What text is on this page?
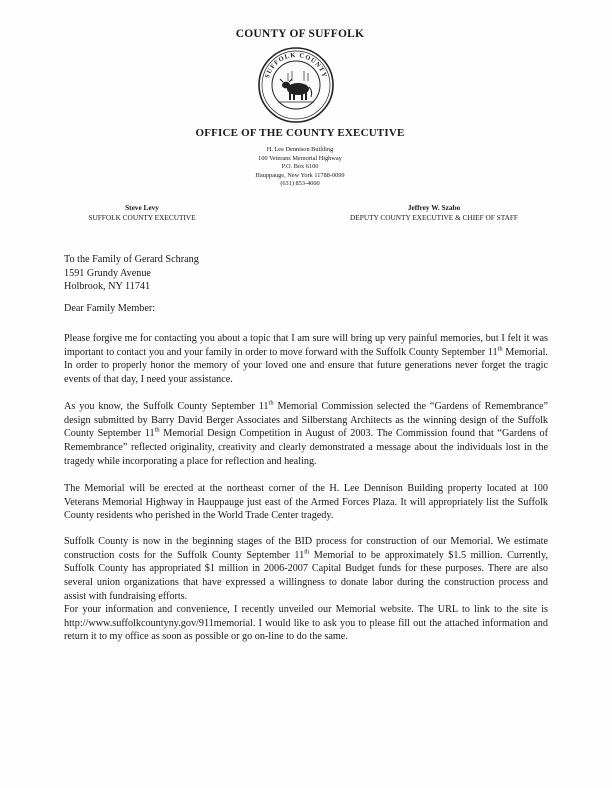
COUNTY OF SUFFOLK
SUFFOLK COUNTY
OFFICE OF THE COUNTY EXECUTIVE
H. Lee Dennison Building
100 Veterans Memorial Highway
P.O. Box 6100
Hauppauge, New York 11788-0099
(631) 853-4000
Steve Levy
SUFFOLK COUNTY EXECUTIVE
Jeffrey W. Szabo
DEPUTY COUNTY EXECUTIVE & CHIEF OF STAFF
To the Family of Gerard Schrang
1591 Grundy Avenue
Holbrook, NY 11741
Dear Family Member:
Please forgive me for contacting you about a topic that I am sure will bring up very painful memories, but I felt it was important to contact you and your family in order to move forward with the Suffolk County September 11th Memorial. In order to properly honor the memory of your loved one and ensure that future generations never forget the tragic events of that day, I need your assistance.
As you know, the Suffolk County September 11th Memorial Commission selected the “Gardens of Remembrance” design submitted by Barry David Berger Associates and Silberstang Architects as the winning design of the Suffolk County September 11th Memorial Design Competition in August of 2003. The Commission found that “Gardens of Remembrance” reflected originality, creativity and clearly demonstrated a message about the individuals lost in the tragedy while incorporating a place for reflection and healing.
The Memorial will be erected at the northeast corner of the H. Lee Dennison Building property located at 100 Veterans Memorial Highway in Hauppauge just east of the Armed Forces Plaza. It will appropriately list the Suffolk County residents who perished in the World Trade Center tragedy.
Suffolk County is now in the beginning stages of the BID process for construction of our Memorial. We estimate construction costs for the Suffolk County September 11th Memorial to be approximately $1.5 million. Currently, Suffolk County has appropriated $1 million in 2006-2007 Capital Budget funds for these purposes. There are also several union organizations that have expressed a willingness to donate labor during the construction process and assist with fundraising efforts.
For your information and convenience, I recently unveiled our Memorial website. The URL to link to the site is http://www.suffolkcountyny.gov/911memorial. I would like to ask you to please fill out the attached information and return it to my office as soon as possible or go on-line to do the same.
